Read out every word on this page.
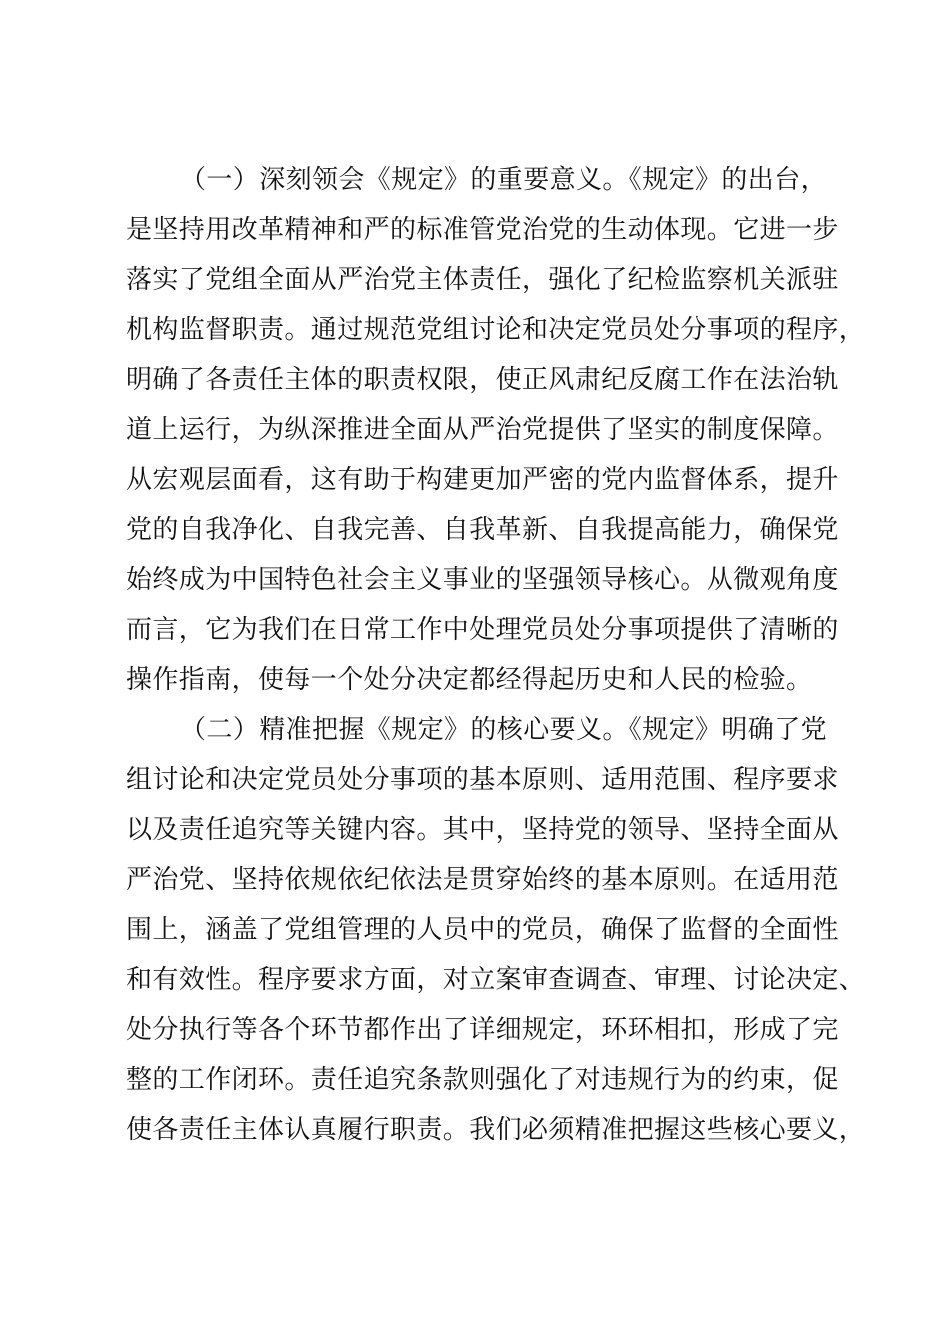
（一）深刻领会《规定》的重要意义。《规定》的出台，
是坚持用改革精神和严的标准管党治党的生动体现。它进一步
落实了党组全面从严治党主体责任，强化了纪检监察机关派驻
机构监督职责。通过规范党组讨论和决定党员处分事项的程序，
明确了各责任主体的职责权限，使正风肃纪反腐工作在法治轨
道上运行，为纵深推进全面从严治党提供了坚实的制度保障。
从宏观层面看，这有助于构建更加严密的党内监督体系，提升
党的自我净化、自我完善、自我革新、自我提高能力，确保党
始终成为中国特色社会主义事业的坚强领导核心。从微观角度
而言，它为我们在日常工作中处理党员处分事项提供了清晰的
操作指南，使每一个处分决定都经得起历史和人民的检验。
（二）精准把握《规定》的核心要义。《规定》明确了党
组讨论和决定党员处分事项的基本原则、适用范围、程序要求
以及责任追究等关键内容。其中，坚持党的领导、坚持全面从
严治党、坚持依规依纪依法是贯穿始终的基本原则。在适用范
围上，涵盖了党组管理的人员中的党员，确保了监督的全面性
和有效性。程序要求方面，对立案审查调查、审理、讨论决定、
处分执行等各个环节都作出了详细规定，环环相扣，形成了完
整的工作闭环。责任追究条款则强化了对违规行为的约束，促
使各责任主体认真履行职责。我们必须精准把握这些核心要义，
